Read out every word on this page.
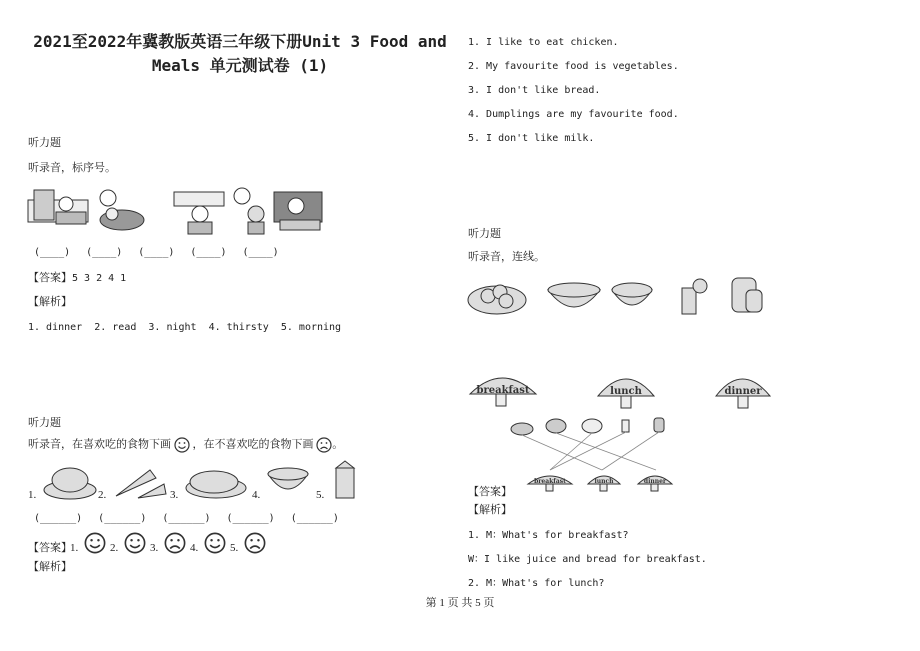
2021至2022年冀教版英语三年级下册Unit 3 Food and Meals 单元测试卷 (1)
听力题
听录音，标序号。
(____) (____) (____) (____) (____)
【答案】5 3 2 4 1
【解析】
1. dinner  2. read  3. night  4. thirsty  5. morning
听力题
听录音，在喜欢吃的食物下画 ，在不喜欢吃的食物下画 。
1.	2.	3.	4.	5.
(______) (______) (______) (______) (______)
【答案】
1.	2.	3.	4.	5.
【解析】
1. I like to eat chicken.
2. My favourite food is vegetables.
3. I don't like bread.
4. Dumplings are my favourite food.
5. I don't like milk.
听力题
听录音，连线。
breakfast	lunch	dinner
breakfast	lunch	dinner
【答案】
【解析】
1. M：What's for breakfast?
W：I like juice and bread for breakfast.
2. M：What's for lunch?
第 1 页 共 5 页
